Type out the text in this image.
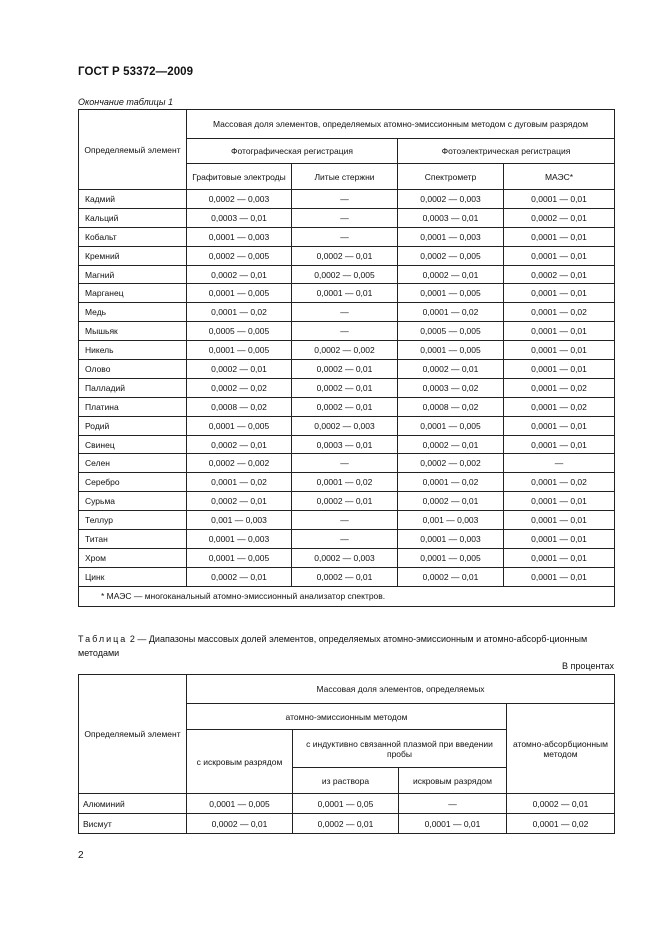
ГОСТ Р 53372—2009
Окончание таблицы 1
Определяемый элемент	Массовая доля элементов, определяемых атомно-эмиссионным методом с дуговым разрядом			
	Фотографическая регистрация		Фотоэлектрическая регистрация	
	Графитовые электроды	Литые стержни	Спектрометр	МАЭС*
Кадмий	0,0002 — 0,003	—	0,0002 — 0,003	0,0001 — 0,01
Кальций	0,0003 — 0,01	—	0,0003 — 0,01	0,0002 — 0,01
Кобальт	0,0001 — 0,003	—	0,0001 — 0,003	0,0001 — 0,01
Кремний	0,0002 — 0,005	0,0002 — 0,01	0,0002 — 0,005	0,0001 — 0,01
Магний	0,0002 — 0,01	0,0002 — 0,005	0,0002 — 0,01	0,0002 — 0,01
Марганец	0,0001 — 0,005	0,0001 — 0,01	0,0001 — 0,005	0,0001 — 0,01
Медь	0,0001 — 0,02	—	0,0001 — 0,02	0,0001 — 0,02
Мышьяк	0,0005 — 0,005	—	0,0005 — 0,005	0,0001 — 0,01
Никель	0,0001 — 0,005	0,0002 — 0,002	0,0001 — 0,005	0,0001 — 0,01
Олово	0,0002 — 0,01	0,0002 — 0,01	0,0002 — 0,01	0,0001 — 0,01
Палладий	0,0002 — 0,02	0,0002 — 0,01	0,0003 — 0,02	0,0001 — 0,02
Платина	0,0008 — 0,02	0,0002 — 0,01	0,0008 — 0,02	0,0001 — 0,02
Родий	0,0001 — 0,005	0,0002 — 0,003	0,0001 — 0,005	0,0001 — 0,01
Свинец	0,0002 — 0,01	0,0003 — 0,01	0,0002 — 0,01	0,0001 — 0,01
Селен	0,0002 — 0,002	—	0,0002 — 0,002	—
Серебро	0,0001 — 0,02	0,0001 — 0,02	0,0001 — 0,02	0,0001 — 0,02
Сурьма	0,0002 — 0,01	0,0002 — 0,01	0,0002 — 0,01	0,0001 — 0,01
Теллур	0,001 — 0,003	—	0,001 — 0,003	0,0001 — 0,01
Титан	0,0001 — 0,003	—	0,0001 — 0,003	0,0001 — 0,01
Хром	0,0001 — 0,005	0,0002 — 0,003	0,0001 — 0,005	0,0001 — 0,01
Цинк	0,0002 — 0,01	0,0002 — 0,01	0,0002 — 0,01	0,0001 — 0,01
* МАЭС — многоканальный атомно-эмиссионный анализатор спектров.				
Таблица 2 — Диапазоны массовых долей элементов, определяемых атомно-эмиссионным и атомно-абсорб-ционным методами
В процентах
Определяемый элемент	Массовая доля элементов, определяемых			
	атомно-эмиссионным методом			атомно-абсорбционным методом
	с искровым разрядом	с индуктивно связанной плазмой при введении пробы		
		из раствора	искровым разрядом	
Алюминий	0,0001 — 0,005	0,0001 — 0,05	—	0,0002 — 0,01
Висмут	0,0002 — 0,01	0,0002 — 0,01	0,0001 — 0,01	0,0001 — 0,02
2
